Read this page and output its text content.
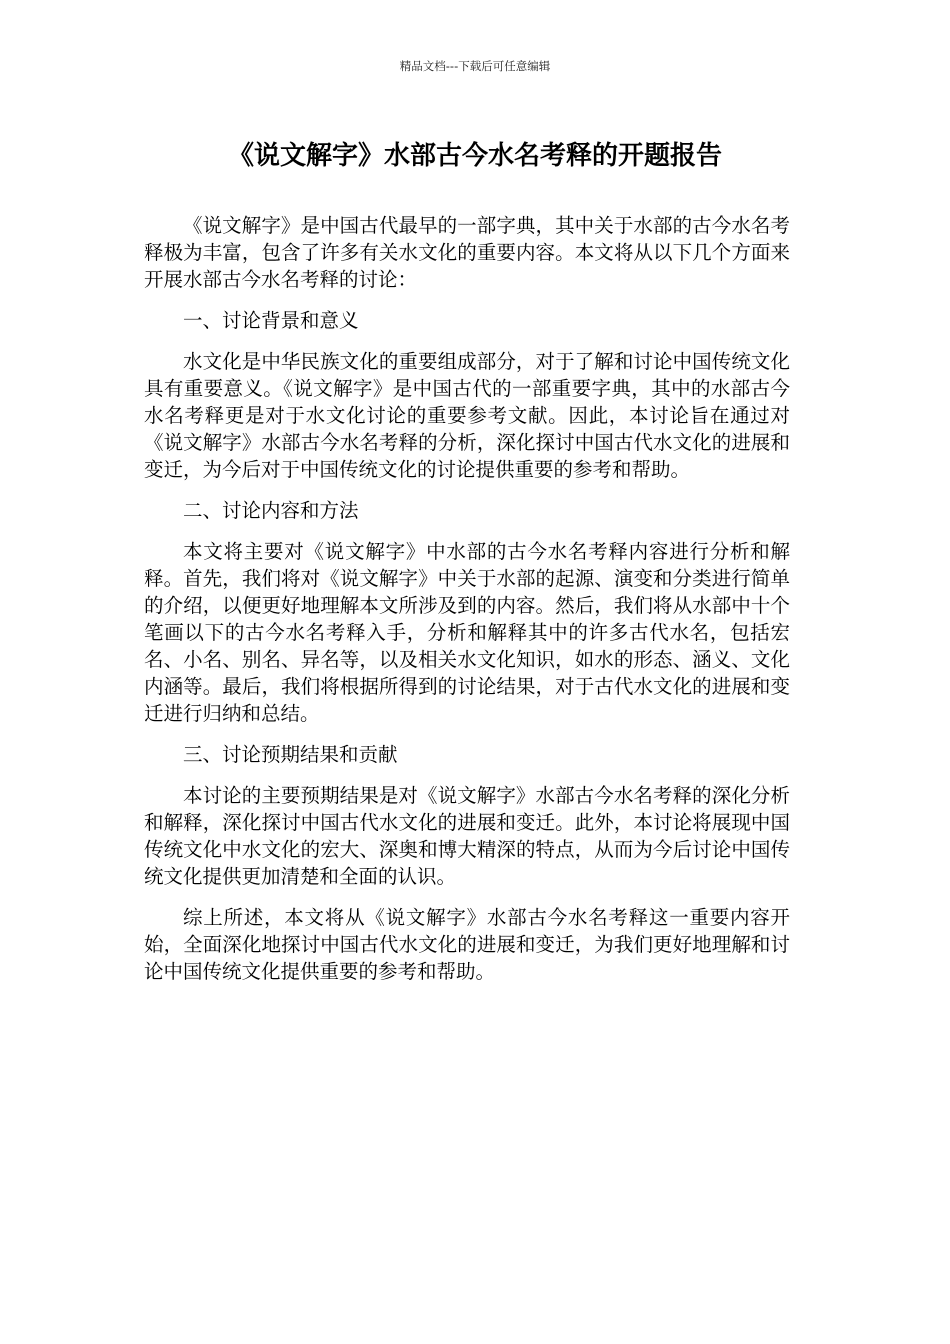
精品文档---下载后可任意编辑
《说文解字》水部古今水名考释的开题报告

《说文解字》是中国古代最早的一部字典，其中关于水部的古今水名考释极为丰富，包含了许多有关水文化的重要内容。本文将从以下几个方面来开展水部古今水名考释的讨论：

一、讨论背景和意义

水文化是中华民族文化的重要组成部分，对于了解和讨论中国传统文化具有重要意义。《说文解字》是中国古代的一部重要字典，其中的水部古今水名考释更是对于水文化讨论的重要参考文献。因此，本讨论旨在通过对《说文解字》水部古今水名考释的分析，深化探讨中国古代水文化的进展和变迁，为今后对于中国传统文化的讨论提供重要的参考和帮助。

二、讨论内容和方法

本文将主要对《说文解字》中水部的古今水名考释内容进行分析和解释。首先，我们将对《说文解字》中关于水部的起源、演变和分类进行简单的介绍，以便更好地理解本文所涉及到的内容。然后，我们将从水部中十个笔画以下的古今水名考释入手，分析和解释其中的许多古代水名，包括宏名、小名、别名、异名等，以及相关水文化知识，如水的形态、涵义、文化内涵等。最后，我们将根据所得到的讨论结果，对于古代水文化的进展和变迁进行归纳和总结。

三、讨论预期结果和贡献

本讨论的主要预期结果是对《说文解字》水部古今水名考释的深化分析和解释，深化探讨中国古代水文化的进展和变迁。此外，本讨论将展现中国传统文化中水文化的宏大、深奥和博大精深的特点，从而为今后讨论中国传统文化提供更加清楚和全面的认识。

综上所述，本文将从《说文解字》水部古今水名考释这一重要内容开始，全面深化地探讨中国古代水文化的进展和变迁，为我们更好地理解和讨论中国传统文化提供重要的参考和帮助。
